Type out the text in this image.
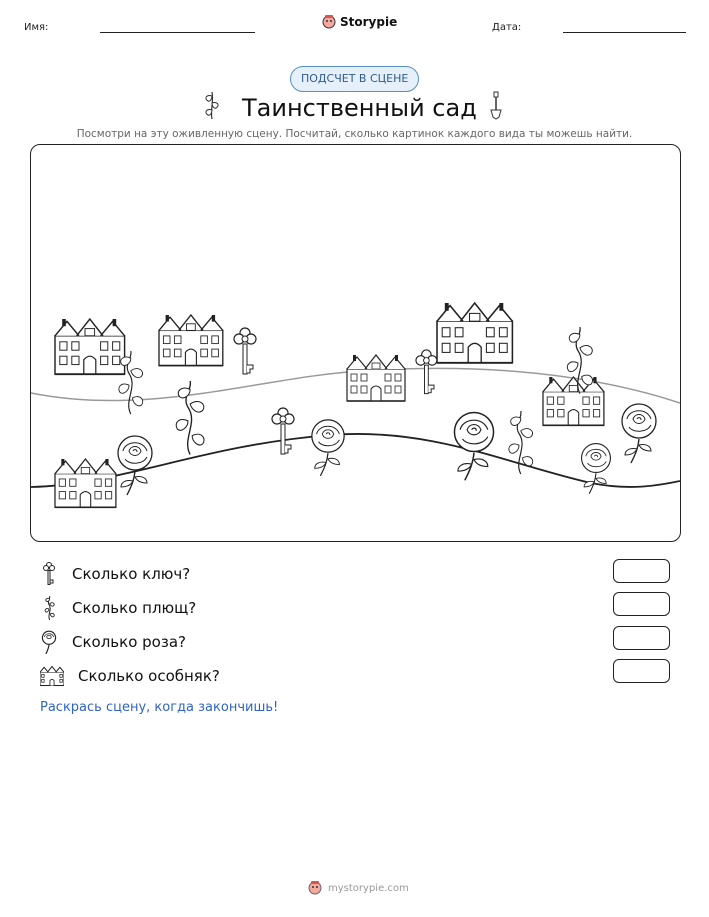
Имя:	Storypie	Дата:
ПОДСЧЕТ В СЦЕНЕ
Таинственный сад
Посмотри на эту оживленную сцену. Посчитай, сколько картинок каждого вида ты можешь найти.
Сколько ключ?
Сколько плющ?
Сколько роза?
Сколько особняк?
Раскрась сцену, когда закончишь!
mystorypie.com
